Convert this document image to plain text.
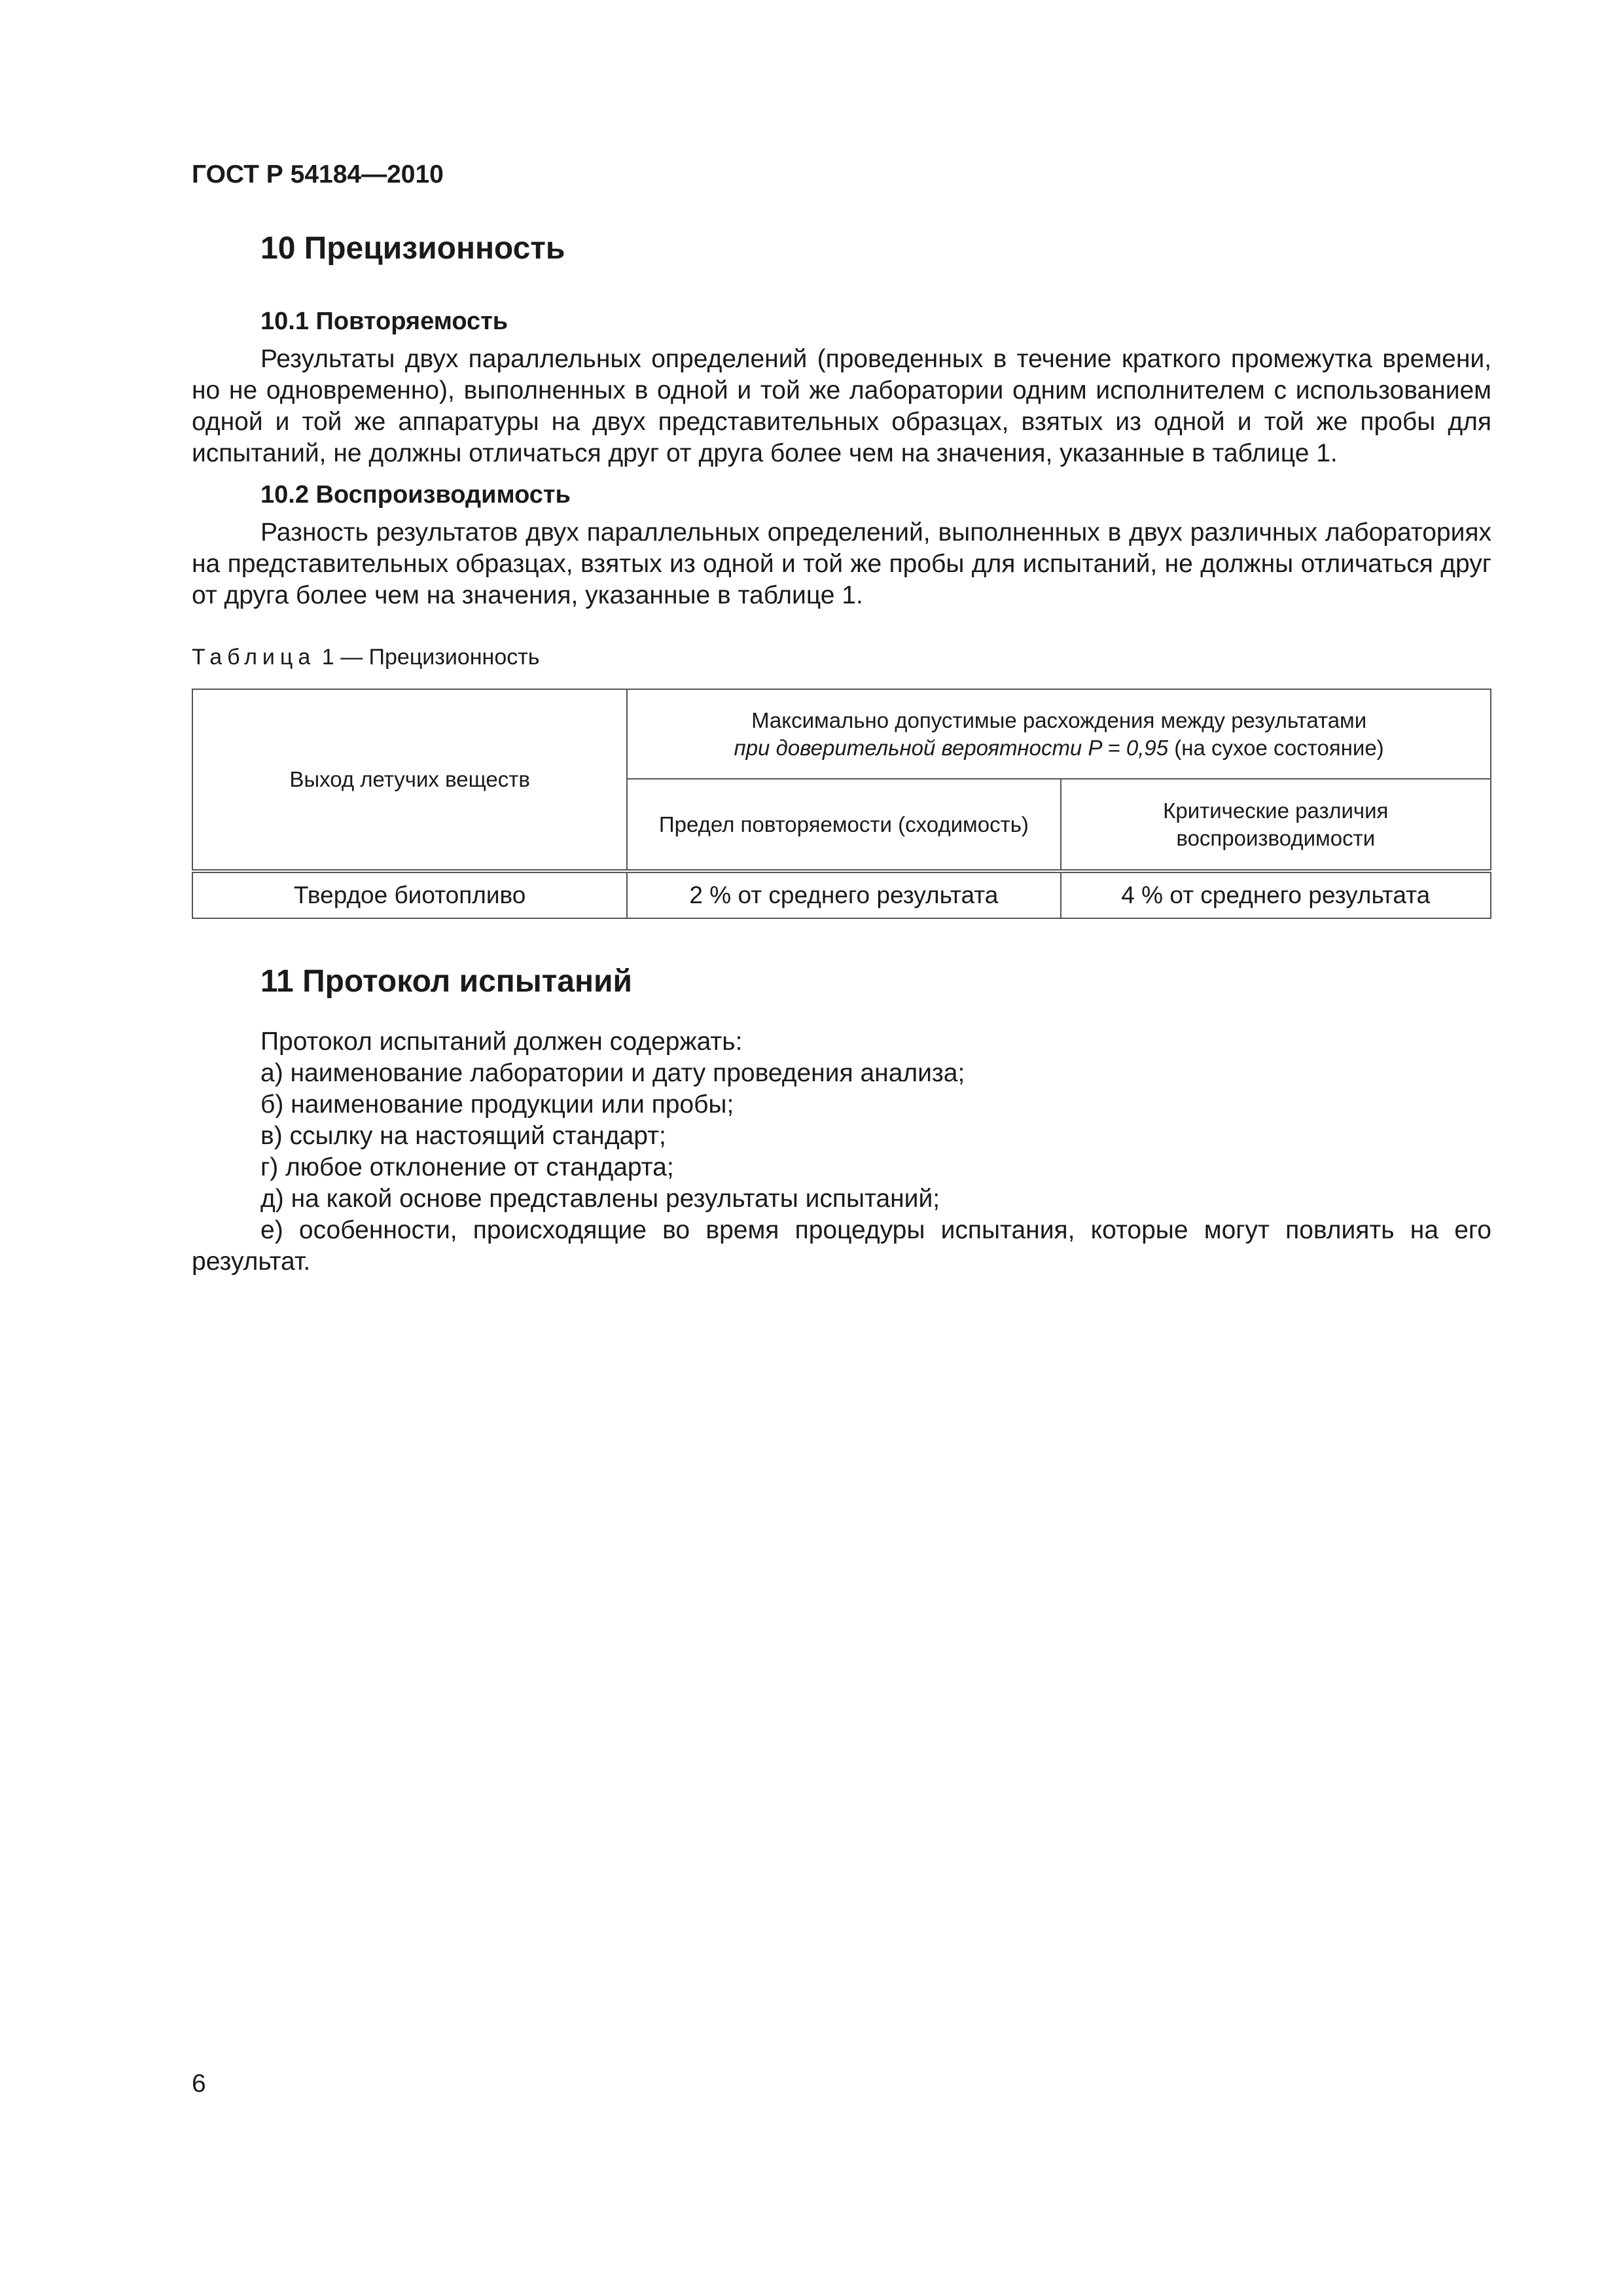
ГОСТ Р 54184—2010
10 Прецизионность
10.1 Повторяемость
Результаты двух параллельных определений (проведенных в течение краткого промежутка времени, но не одновременно), выполненных в одной и той же лаборатории одним исполнителем с использованием одной и той же аппаратуры на двух представительных образцах, взятых из одной и той же пробы для испытаний, не должны отличаться друг от друга более чем на значения, указанные в таблице 1.
10.2 Воспроизводимость
Разность результатов двух параллельных определений, выполненных в двух различных лабораториях на представительных образцах, взятых из одной и той же пробы для испытаний, не должны отличаться друг от друга более чем на значения, указанные в таблице 1.
Таблица 1 — Прецизионность
Выход летучих веществ	Максимально допустимые расхождения между результатами
при доверительной вероятности P = 0,95 (на сухое состояние)	

	Предел повторяемости (сходимость)	Критические различия
воспроизводимости

Твердое биотопливо	2 % от среднего результата	4 % от среднего результата
11 Протокол испытаний
Протокол испытаний должен содержать:
а) наименование лаборатории и дату проведения анализа;
б) наименование продукции или пробы;
в) ссылку на настоящий стандарт;
г) любое отклонение от стандарта;
д) на какой основе представлены результаты испытаний;
е) особенности, происходящие во время процедуры испытания, которые могут повлиять на его результат.
6
